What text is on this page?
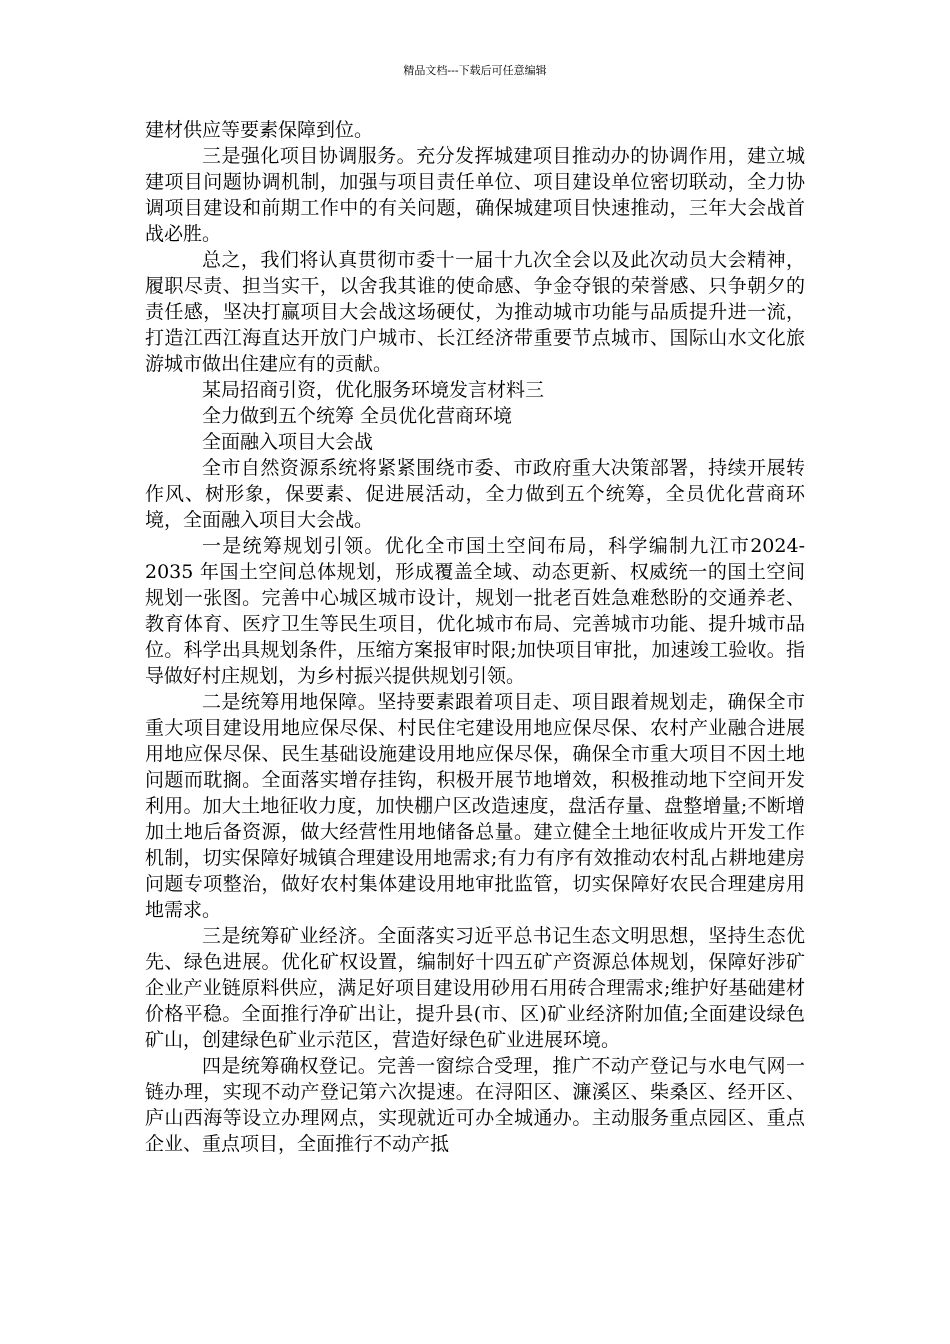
精品文档---下载后可任意编辑

建材供应等要素保障到位。

三是强化项目协调服务。充分发挥城建项目推动办的协调作用，建立城建项目问题协调机制，加强与项目责任单位、项目建设单位密切联动，全力协调项目建设和前期工作中的有关问题，确保城建项目快速推动，三年大会战首战必胜。

总之，我们将认真贯彻市委十一届十九次全会以及此次动员大会精神，履职尽责、担当实干，以舍我其谁的使命感、争金夺银的荣誉感、只争朝夕的责任感，坚决打赢项目大会战这场硬仗，为推动城市功能与品质提升进一流，打造江西江海直达开放门户城市、长江经济带重要节点城市、国际山水文化旅游城市做出住建应有的贡献。

某局招商引资，优化服务环境发言材料三

全力做到五个统筹 全员优化营商环境

全面融入项目大会战

全市自然资源系统将紧紧围绕市委、市政府重大决策部署，持续开展转作风、树形象，保要素、促进展活动，全力做到五个统筹，全员优化营商环境，全面融入项目大会战。

一是统筹规划引领。优化全市国土空间布局，科学编制九江市2024-2035 年国土空间总体规划，形成覆盖全域、动态更新、权威统一的国土空间规划一张图。完善中心城区城市设计，规划一批老百姓急难愁盼的交通养老、教育体育、医疗卫生等民生项目，优化城市布局、完善城市功能、提升城市品位。科学出具规划条件，压缩方案报审时限;加快项目审批，加速竣工验收。指导做好村庄规划，为乡村振兴提供规划引领。

二是统筹用地保障。坚持要素跟着项目走、项目跟着规划走，确保全市重大项目建设用地应保尽保、村民住宅建设用地应保尽保、农村产业融合进展用地应保尽保、民生基础设施建设用地应保尽保，确保全市重大项目不因土地问题而耽搁。全面落实增存挂钩，积极开展节地增效，积极推动地下空间开发利用。加大土地征收力度，加快棚户区改造速度，盘活存量、盘整增量;不断增加土地后备资源，做大经营性用地储备总量。建立健全土地征收成片开发工作机制，切实保障好城镇合理建设用地需求;有力有序有效推动农村乱占耕地建房问题专项整治，做好农村集体建设用地审批监管，切实保障好农民合理建房用地需求。

三是统筹矿业经济。全面落实习近平总书记生态文明思想，坚持生态优先、绿色进展。优化矿权设置，编制好十四五矿产资源总体规划，保障好涉矿企业产业链原料供应，满足好项目建设用砂用石用砖合理需求;维护好基础建材价格平稳。全面推行净矿出让，提升县(市、区)矿业经济附加值;全面建设绿色矿山，创建绿色矿业示范区，营造好绿色矿业进展环境。

四是统筹确权登记。完善一窗综合受理，推广不动产登记与水电气网一链办理，实现不动产登记第六次提速。在浔阳区、濂溪区、柴桑区、经开区、庐山西海等设立办理网点，实现就近可办全城通办。主动服务重点园区、重点企业、重点项目，全面推行不动产抵
